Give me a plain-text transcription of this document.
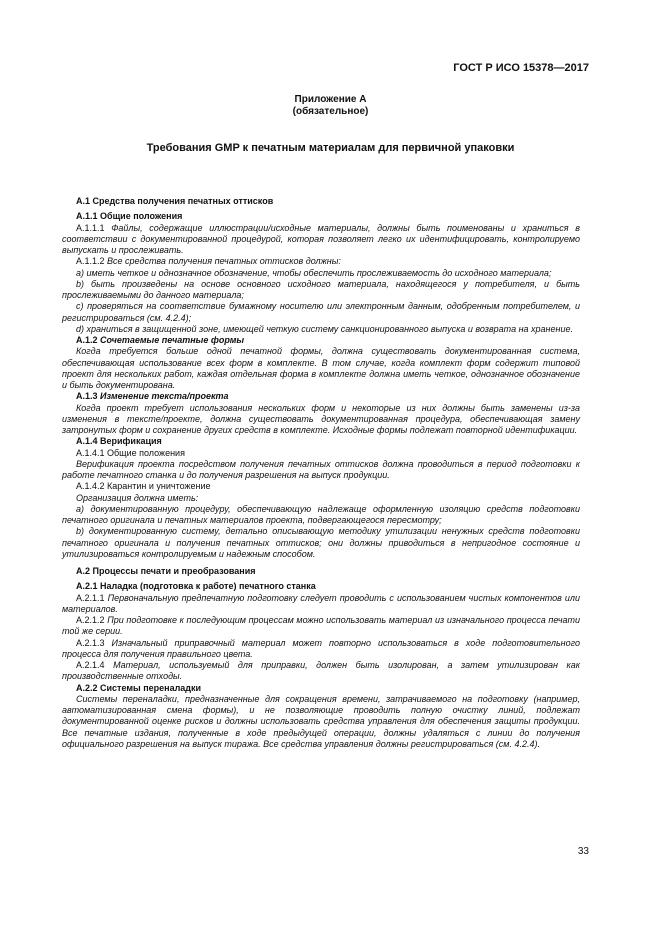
ГОСТ Р ИСО 15378—2017
Приложение А
(обязательное)
Требования GMP к печатным материалам для первичной упаковки

А.1 Средства получения печатных оттисков

А.1.1 Общие положения

А.1.1.1 Файлы, содержащие иллюстрации/исходные материалы, должны быть поименованы и храниться в соответствии с документированной процедурой, которая позволяет легко их идентифицировать, контролируемо выпускать и прослеживать.

А.1.1.2 Все средства получения печатных оттисков должны:

a) иметь четкое и однозначное обозначение, чтобы обеспечить прослеживаемость до исходного материала;

b) быть произведены на основе основного исходного материала, находящегося у потребителя, и быть прослеживаемыми до данного материала;

c) проверяться на соответствие бумажному носителю или электронным данным, одобренным потребителем, и регистрироваться (см. 4.2.4);

d) храниться в защищенной зоне, имеющей четкую систему санкционированного выпуска и возврата на хранение.

А.1.2 Сочетаемые печатные формы

Когда требуется больше одной печатной формы, должна существовать документированная система, обеспечивающая использование всех форм в комплекте. В том случае, когда комплект форм содержит типовой проект для нескольких работ, каждая отдельная форма в комплекте должна иметь четкое, однозначное обозначение и быть документирована.

А.1.3 Изменение текста/проекта

Когда проект требует использования нескольких форм и некоторые из них должны быть заменены из-за изменения в тексте/проекте, должна существовать документированная процедура, обеспечивающая замену затронутых форм и сохранение других средств в комплекте. Исходные формы подлежат повторной идентификации.

А.1.4 Верификация

А.1.4.1 Общие положения

Верификация проекта посредством получения печатных оттисков должна проводиться в период подготовки к работе печатного станка и до получения разрешения на выпуск продукции.

А.1.4.2 Карантин и уничтожение

Организация должна иметь:

a) документированную процедуру, обеспечивающую надлежаще оформленную изоляцию средств подготовки печатного оригинала и печатных материалов проекта, подвергающегося пересмотру;

b) документированную систему, детально описывающую методику утилизации ненужных средств подготовки печатного оригинала и получения печатных оттисков; они должны приводиться в непригодное состояние и утилизироваться контролируемым и надежным способом.

А.2 Процессы печати и преобразования

А.2.1 Наладка (подготовка к работе) печатного станка

А.2.1.1 Первоначальную предпечатную подготовку следует проводить с использованием чистых компонентов или материалов.

А.2.1.2 При подготовке к последующим процессам можно использовать материал из изначального процесса печати той же серии.

А.2.1.3 Изначальный приправочный материал может повторно использоваться в ходе подготовительного процесса для получения правильного цвета.

А.2.1.4 Материал, используемый для приправки, должен быть изолирован, а затем утилизирован как производственные отходы.

А.2.2 Системы переналадки

Системы переналадки, предназначенные для сокращения времени, затрачиваемого на подготовку (например, автоматизированная смена формы), и не позволяющие проводить полную очистку линий, подлежат документированной оценке рисков и должны использовать средства управления для обеспечения защиты продукции. Все печатные издания, полученные в ходе предыдущей операции, должны удаляться с линии до получения официального разрешения на выпуск тиража. Все средства управления должны регистрироваться (см. 4.2.4).

33
